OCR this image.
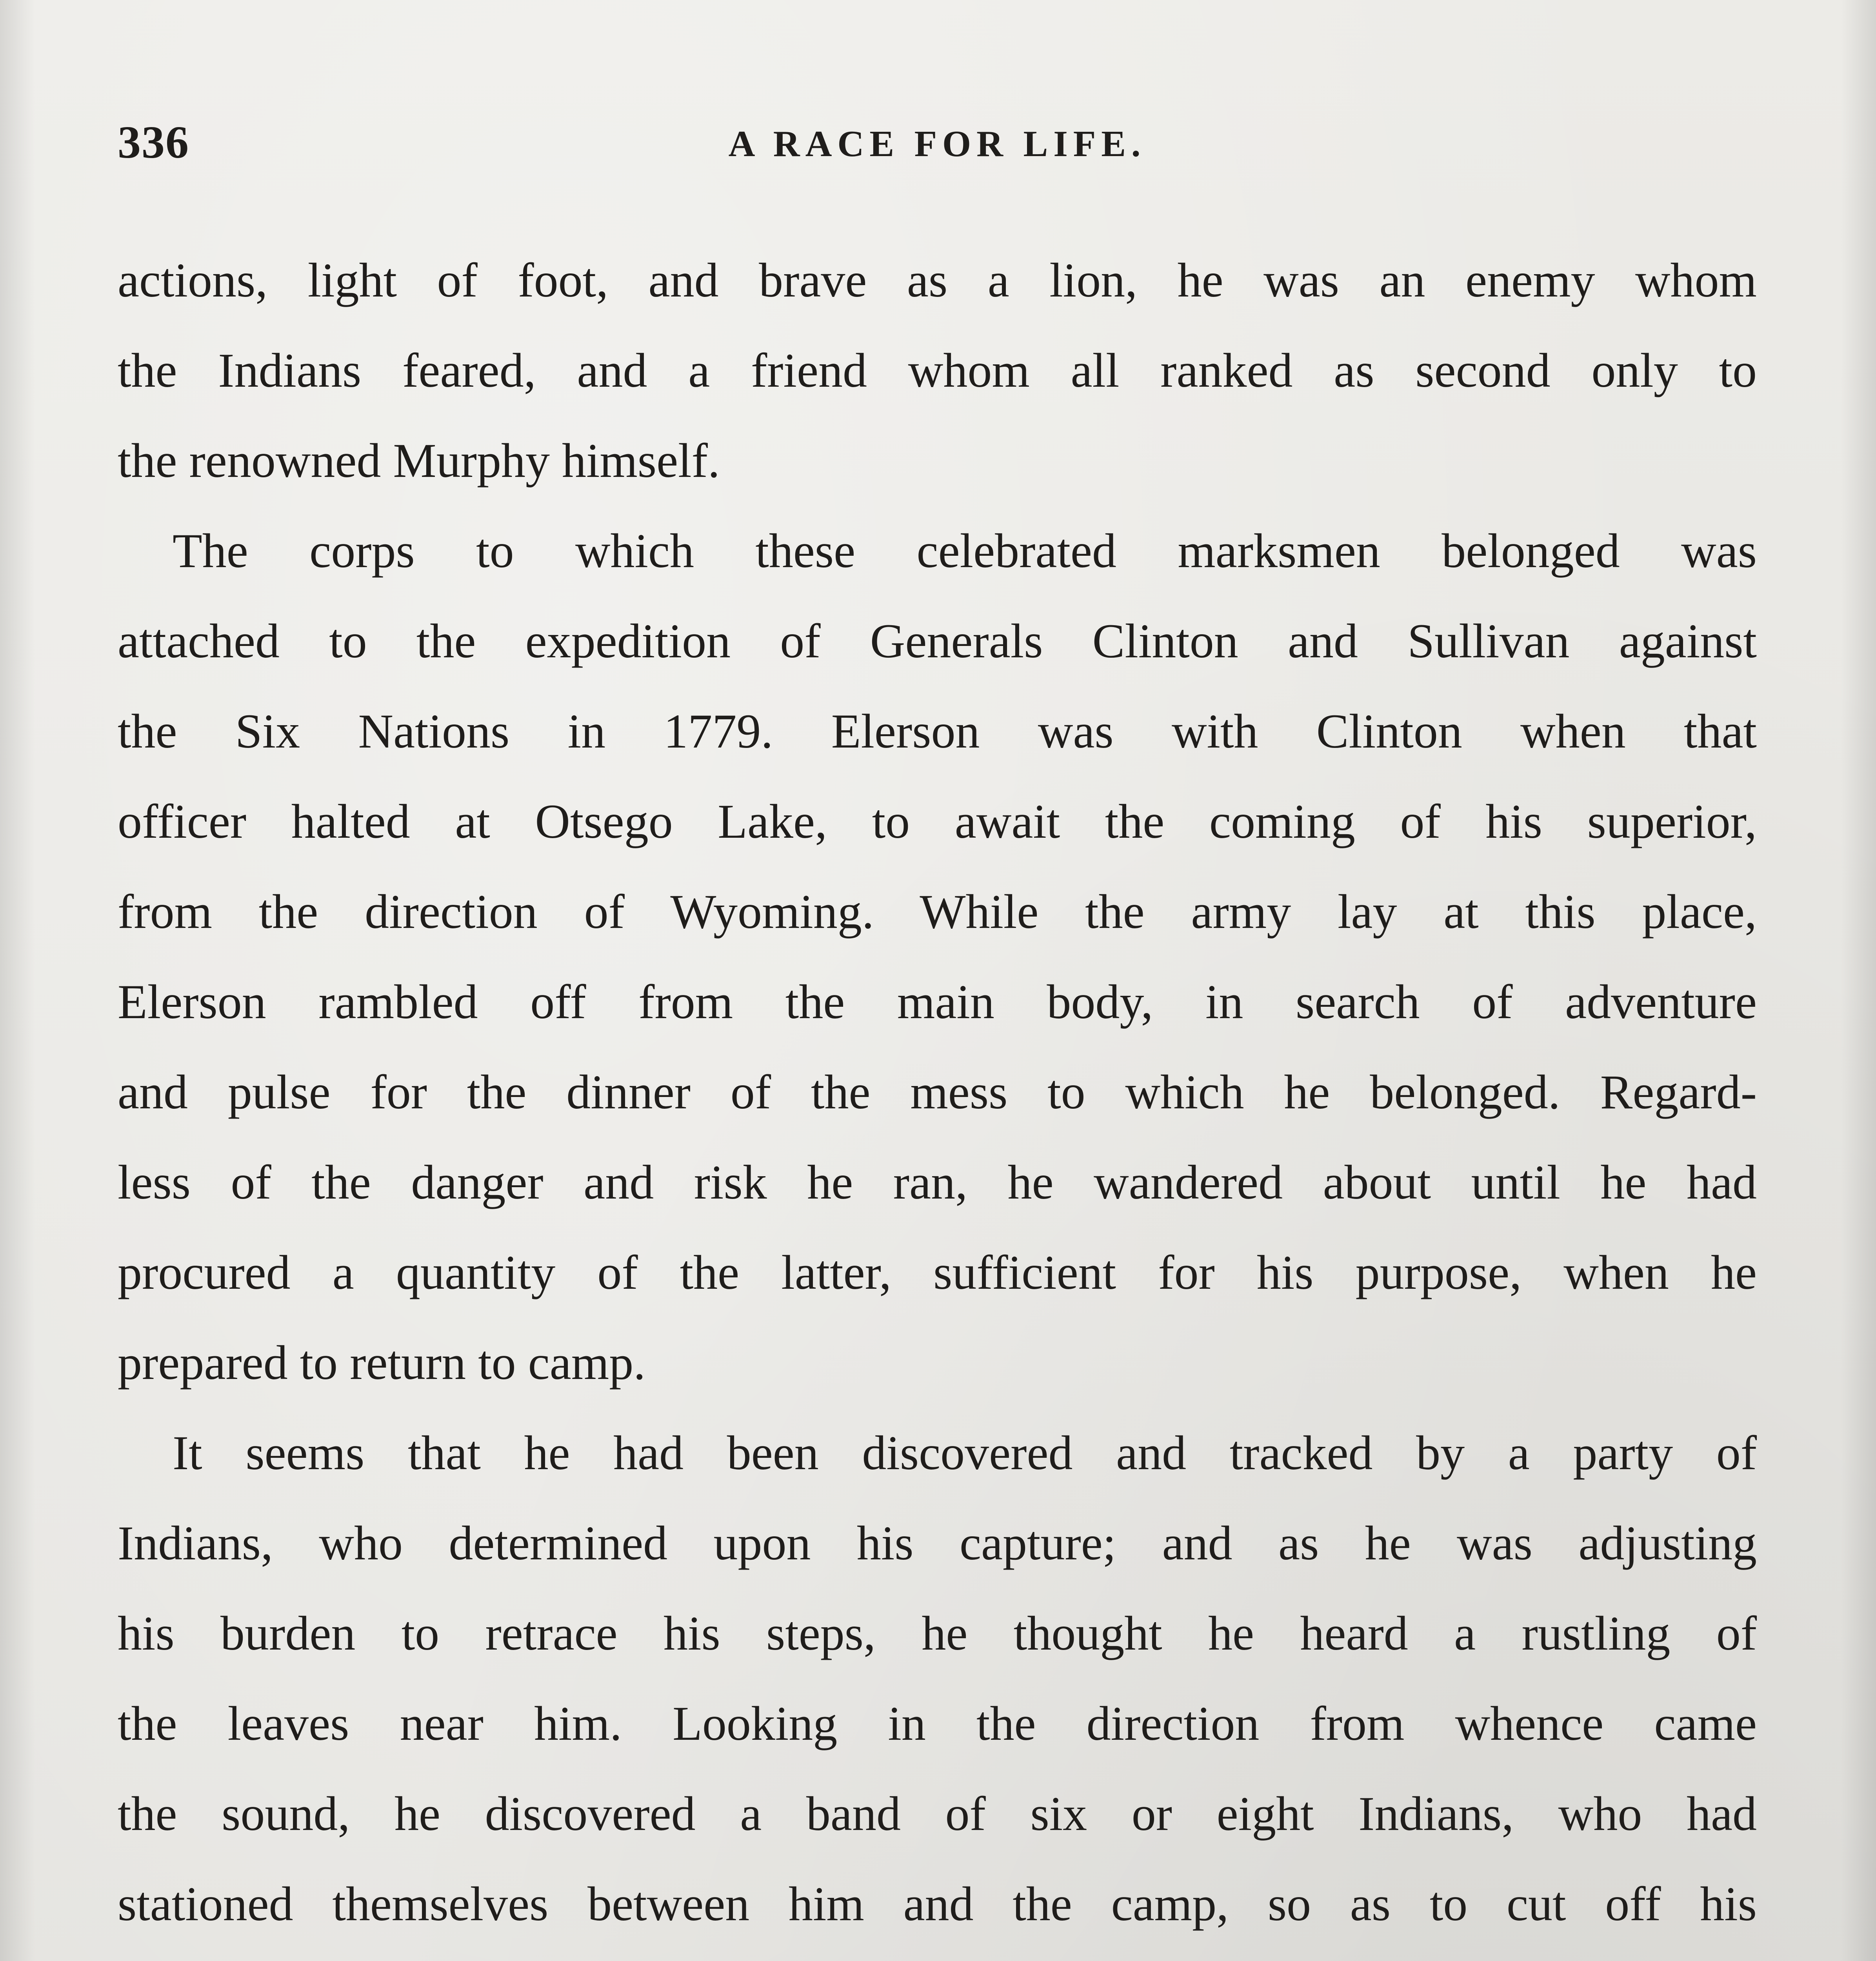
336	A RACE FOR LIFE.
actions, light of foot, and brave as a lion, he was an enemy whom
the Indians feared, and a friend whom all ranked as second only to
the renowned Murphy himself.
The corps to which these celebrated marksmen belonged was
attached to the expedition of Generals Clinton and Sullivan against
the Six Nations in 1779. Elerson was with Clinton when that
officer halted at Otsego Lake, to await the coming of his superior,
from the direction of Wyoming. While the army lay at this place,
Elerson rambled off from the main body, in search of adventure
and pulse for the dinner of the mess to which he belonged. Regard-
less of the danger and risk he ran, he wandered about until he had
procured a quantity of the latter, sufficient for his purpose, when he
prepared to return to camp.
It seems that he had been discovered and tracked by a party of
Indians, who determined upon his capture; and as he was adjusting
his burden to retrace his steps, he thought he heard a rustling of
the leaves near him. Looking in the direction from whence came
the sound, he discovered a band of six or eight Indians, who had
stationed themselves between him and the camp, so as to cut off his
